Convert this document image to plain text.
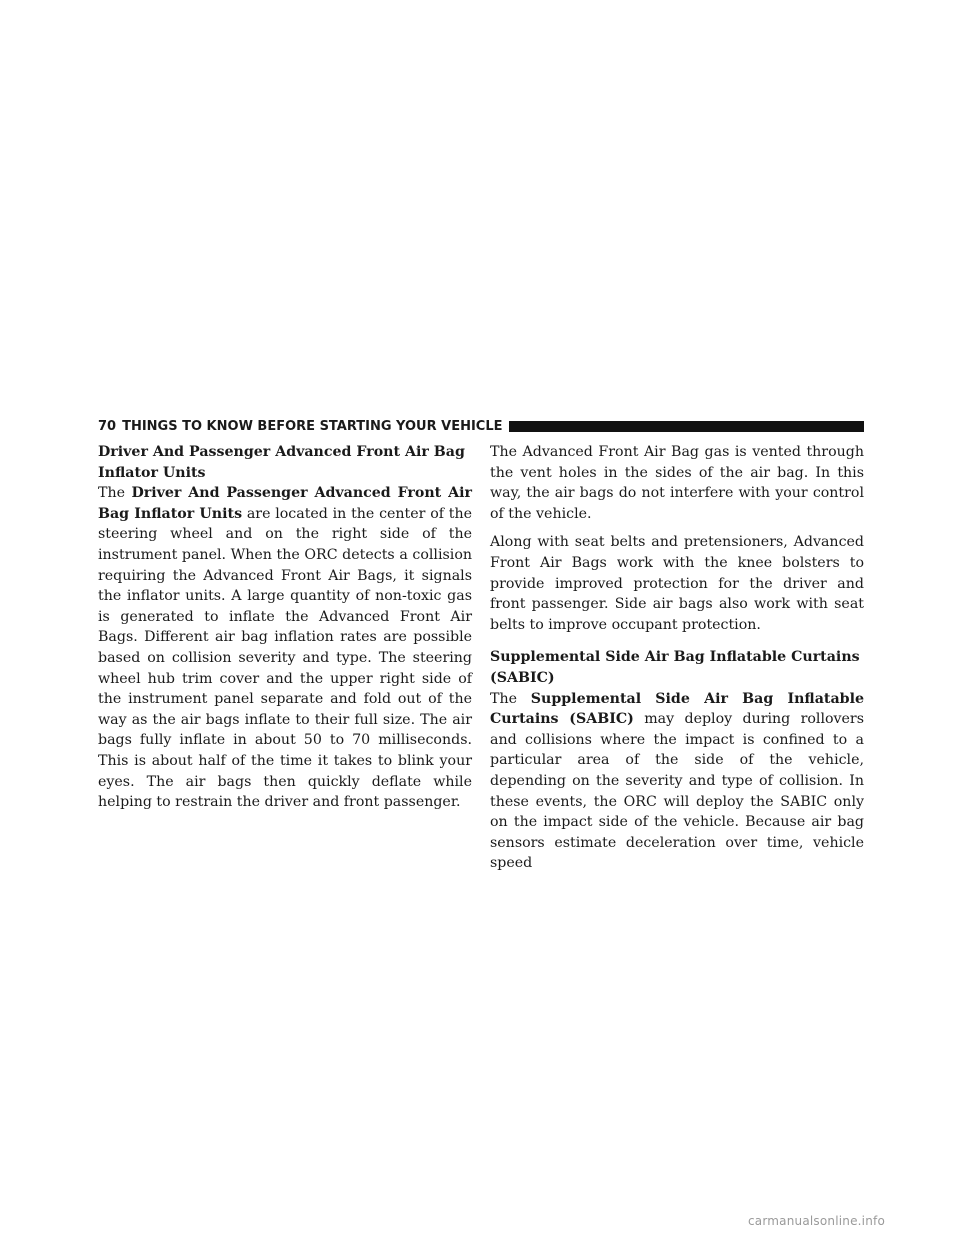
70 THINGS TO KNOW BEFORE STARTING YOUR VEHICLE
Driver And Passenger Advanced Front Air Bag Inflator Units

The Driver And Passenger Advanced Front Air Bag Inflator Units are located in the center of the steering wheel and on the right side of the instrument panel. When the ORC detects a collision requiring the Advanced Front Air Bags, it signals the inflator units. A large quantity of non-toxic gas is generated to inflate the Advanced Front Air Bags. Different air bag inflation rates are possible based on collision severity and type. The steering wheel hub trim cover and the upper right side of the instrument panel separate and fold out of the way as the air bags inflate to their full size. The air bags fully inflate in about 50 to 70 milliseconds. This is about half of the time it takes to blink your eyes. The air bags then quickly deflate while helping to restrain the driver and front passenger.

The Advanced Front Air Bag gas is vented through the vent holes in the sides of the air bag. In this way, the air bags do not interfere with your control of the vehicle.

Along with seat belts and pretensioners, Advanced Front Air Bags work with the knee bolsters to provide improved protection for the driver and front passenger. Side air bags also work with seat belts to improve occupant protection.

Supplemental Side Air Bag Inflatable Curtains (SABIC)

The Supplemental Side Air Bag Inflatable Curtains (SABIC) may deploy during rollovers and collisions where the impact is confined to a particular area of the side of the vehicle, depending on the severity and type of collision. In these events, the ORC will deploy the SABIC only on the impact side of the vehicle. Because air bag sensors estimate deceleration over time, vehicle speed

carmanualsonline.info
